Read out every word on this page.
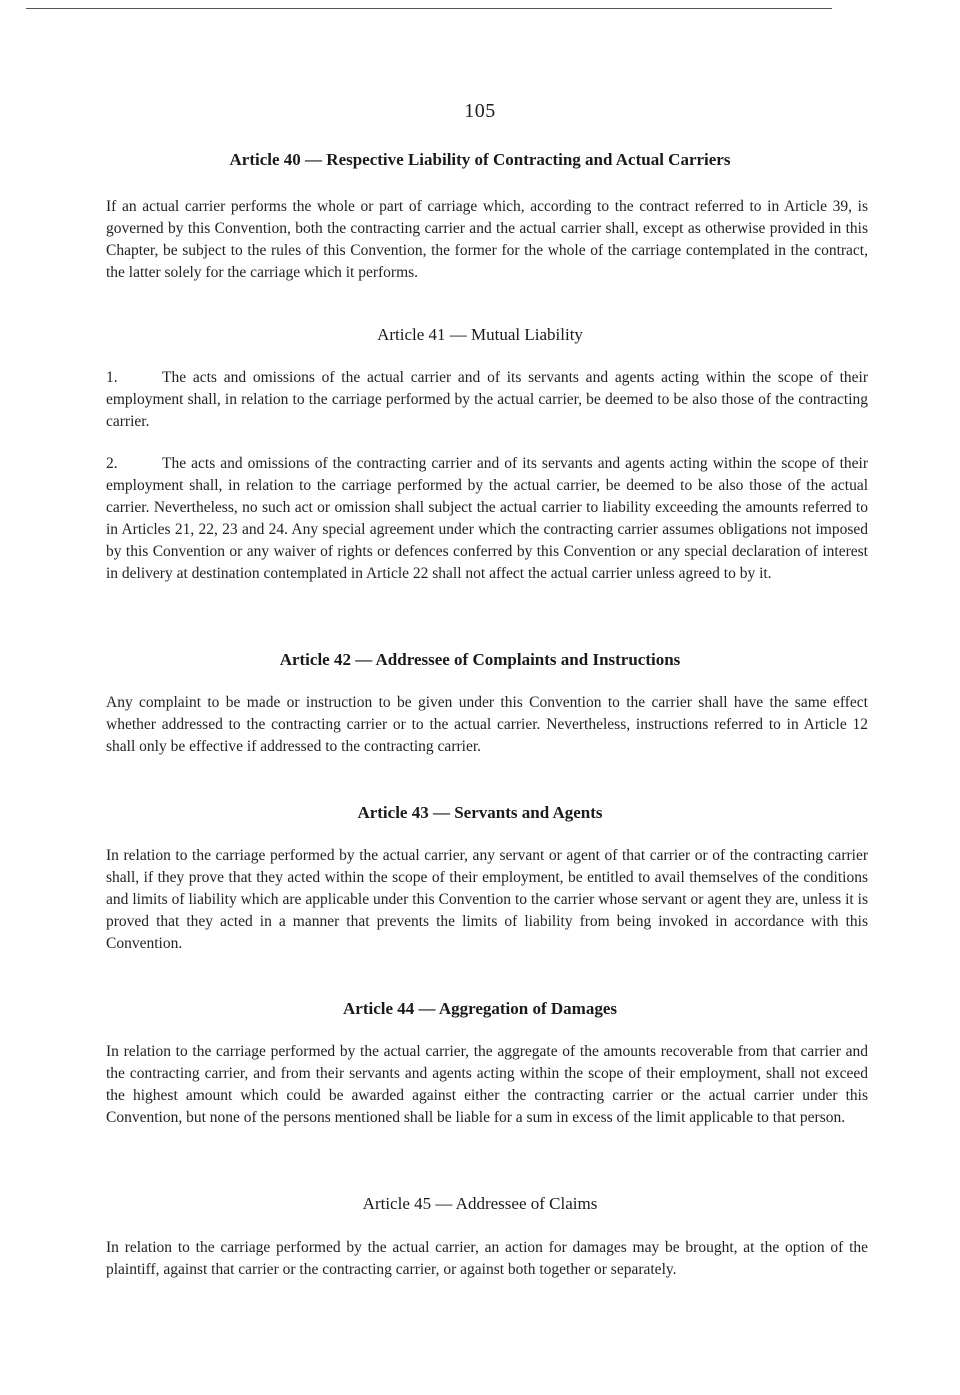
105
Article 40 — Respective Liability of Contracting and Actual Carriers
If an actual carrier performs the whole or part of carriage which, according to the contract referred to in Article 39, is governed by this Convention, both the contracting carrier and the actual carrier shall, except as otherwise provided in this Chapter, be subject to the rules of this Convention, the former for the whole of the carriage contemplated in the contract, the latter solely for the carriage which it performs.
Article 41 — Mutual Liability
1.	The acts and omissions of the actual carrier and of its servants and agents acting within the scope of their employment shall, in relation to the carriage performed by the actual carrier, be deemed to be also those of the contracting carrier.
2.	The acts and omissions of the contracting carrier and of its servants and agents acting within the scope of their employment shall, in relation to the carriage performed by the actual carrier, be deemed to be also those of the actual carrier. Nevertheless, no such act or omission shall subject the actual carrier to liability exceeding the amounts referred to in Articles 21, 22, 23 and 24. Any special agreement under which the contracting carrier assumes obligations not imposed by this Convention or any waiver of rights or defences conferred by this Convention or any special declaration of interest in delivery at destination contemplated in Article 22 shall not affect the actual carrier unless agreed to by it.
Article 42 — Addressee of Complaints and Instructions
Any complaint to be made or instruction to be given under this Convention to the carrier shall have the same effect whether addressed to the contracting carrier or to the actual carrier. Nevertheless, instructions referred to in Article 12 shall only be effective if addressed to the contracting carrier.
Article 43 — Servants and Agents
In relation to the carriage performed by the actual carrier, any servant or agent of that carrier or of the contracting carrier shall, if they prove that they acted within the scope of their employment, be entitled to avail themselves of the conditions and limits of liability which are applicable under this Convention to the carrier whose servant or agent they are, unless it is proved that they acted in a manner that prevents the limits of liability from being invoked in accordance with this Convention.
Article 44 — Aggregation of Damages
In relation to the carriage performed by the actual carrier, the aggregate of the amounts recoverable from that carrier and the contracting carrier, and from their servants and agents acting within the scope of their employment, shall not exceed the highest amount which could be awarded against either the contracting carrier or the actual carrier under this Convention, but none of the persons mentioned shall be liable for a sum in excess of the limit applicable to that person.
Article 45 — Addressee of Claims
In relation to the carriage performed by the actual carrier, an action for damages may be brought, at the option of the plaintiff, against that carrier or the contracting carrier, or against both together or separately.
